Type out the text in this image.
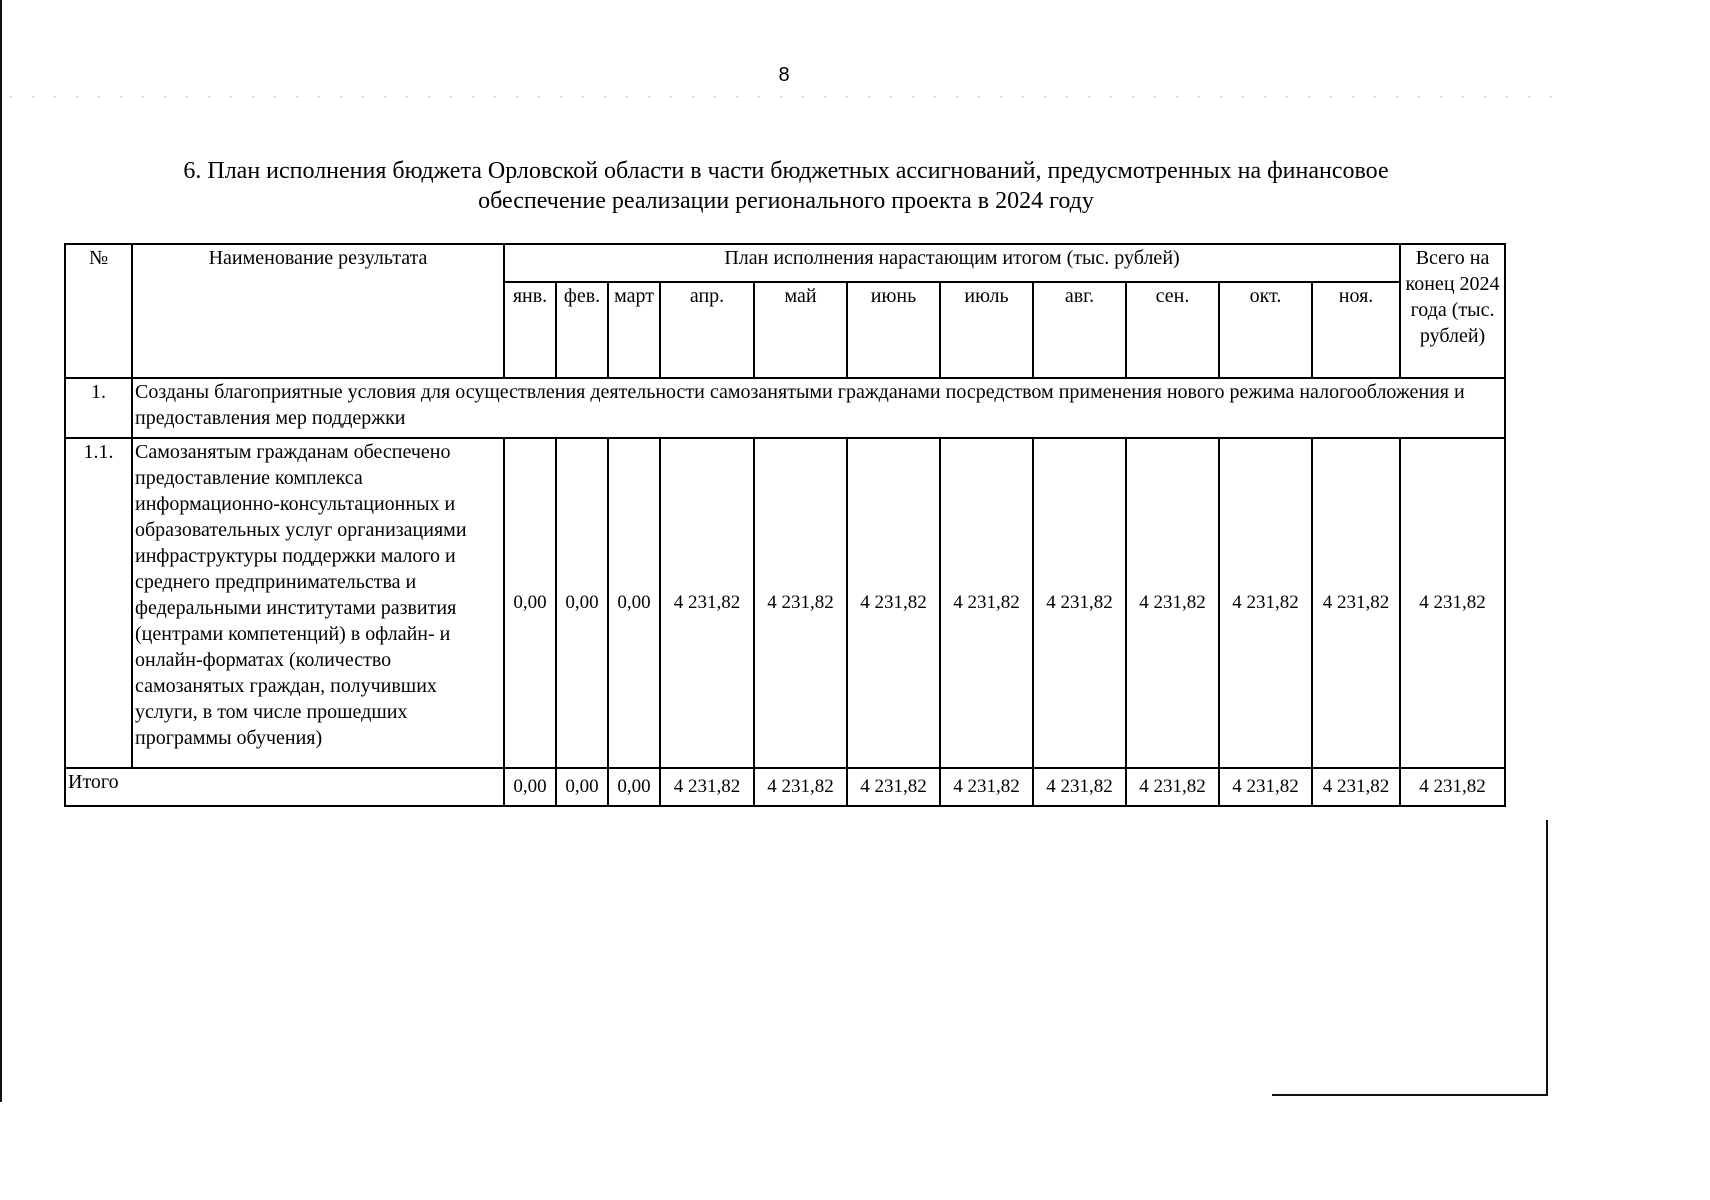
8
6. План исполнения бюджета Орловской области в части бюджетных ассигнований, предусмотренных на финансовое
обеспечение реализации регионального проекта в 2024 году
№	Наименование результата	План исполнения нарастающим итогом (тыс. рублей)											Всего на конец 2024 года (тыс. рублей)
		янв.	фев.	март	апр.	май	июнь	июль	авг.	сен.	окт.	ноя.	
1.	Созданы благоприятные условия для осуществления деятельности самозанятыми гражданами посредством применения нового режима налогообложения и предоставления мер поддержки												
1.1.	Самозанятым гражданам обеспечено предоставление комплекса информационно-консультационных и образовательных услуг организациями инфраструктуры поддержки малого и среднего предпринимательства и федеральными институтами развития (центрами компетенций) в офлайн- и онлайн-форматах (количество самозанятых граждан, получивших услуги, в том числе прошедших программы обучения)	0,00	0,00	0,00	4 231,82	4 231,82	4 231,82	4 231,82	4 231,82	4 231,82	4 231,82	4 231,82	4 231,82
Итого		0,00	0,00	0,00	4 231,82	4 231,82	4 231,82	4 231,82	4 231,82	4 231,82	4 231,82	4 231,82	4 231,82
